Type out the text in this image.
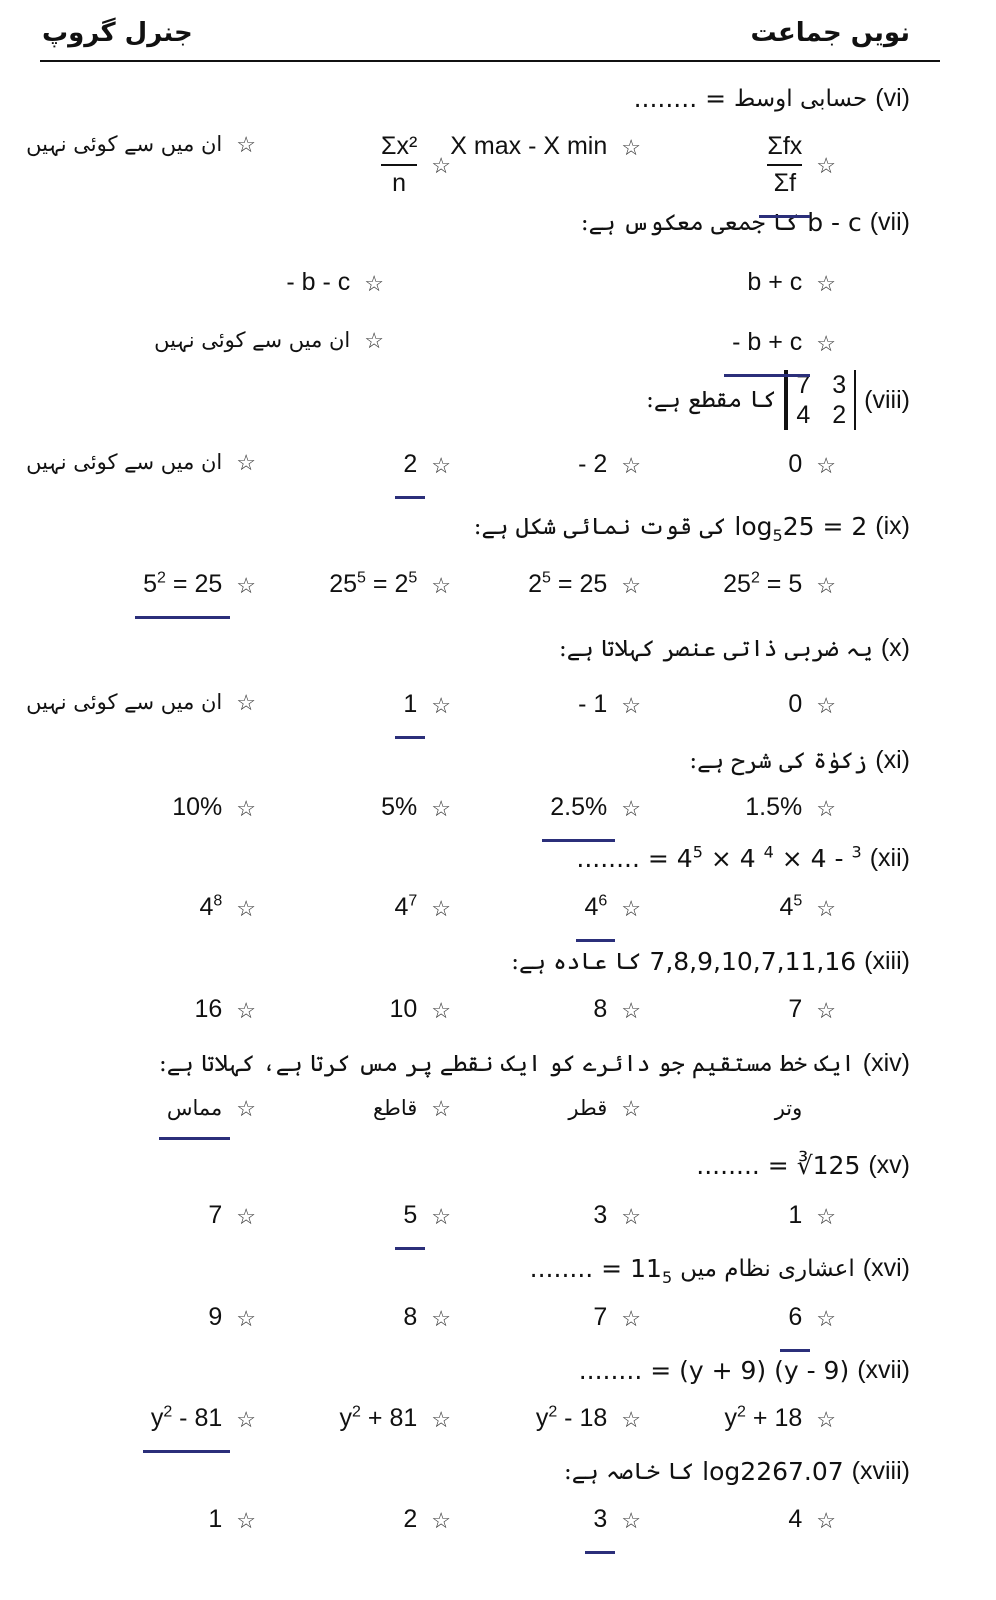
نویں جماعت
جنرل گروپ
........ = حسابی اوسط (vi)
کا جمعی معکوس ہے: b - c (vii)
کا مقطع ہے:
7 3
4 2
(viii)
کی قوت نمائی شکل ہے: $\log_525 = 2$ (ix)
یہ ضربی ذاتی عنصر کہلاتا ہے: (x)
زکوٰۃ کی شرح ہے: (xi)
........ = $4^5 \times 4$ $^4$ × 4 - $^3$ (xii)
کا عادہ ہے: 7,8,9,10,7,11,16 (xiii)
ایک خط مستقیم جو دائرے کو ایک نقطے پر مس کرتا ہے، کہلاتا ہے: (xiv)
........ = ∛125 (xv)
........ = $11_5$ اعشاری نظام میں (xvi)
........ = (y + 9) (y - 9) (xvii)
کا خاصہ ہے: log2267.07 (xviii)
$\frac{\text{Σfx}}{\Sigma f}$ ☆
X max - X min ☆
$\frac{\text{Σx²}}{n}$ ☆
ان میں سے کوئی نہیں ☆
b + c ☆
- b - c ☆
- b + c ☆
ان میں سے کوئی نہیں ☆
0 ☆
- 2 ☆
2 ☆
ان میں سے کوئی نہیں ☆
$25^2 = 5$ ☆
$2^5 = 25$ ☆
$25^5 = 2^5$ ☆
$5^2 = 25$ ☆
0 ☆
- 1 ☆
1 ☆
ان میں سے کوئی نہیں ☆
1.5% ☆
2.5% ☆
5% ☆
10% ☆
$4^5$ ☆
$4^6$ ☆
$4^7$ ☆
$4^8$ ☆
7 ☆
8 ☆
10 ☆
16 ☆
وتر
قطر ☆
قاطع ☆
مماس ☆
1 ☆
3 ☆
5 ☆
7 ☆
6 ☆
7 ☆
8 ☆
9 ☆
$y^2 + 18$ ☆
$y^2 - 18$ ☆
$y^2 + 81$ ☆
$y^2 - 81$ ☆
4 ☆
3 ☆
2 ☆
1 ☆
